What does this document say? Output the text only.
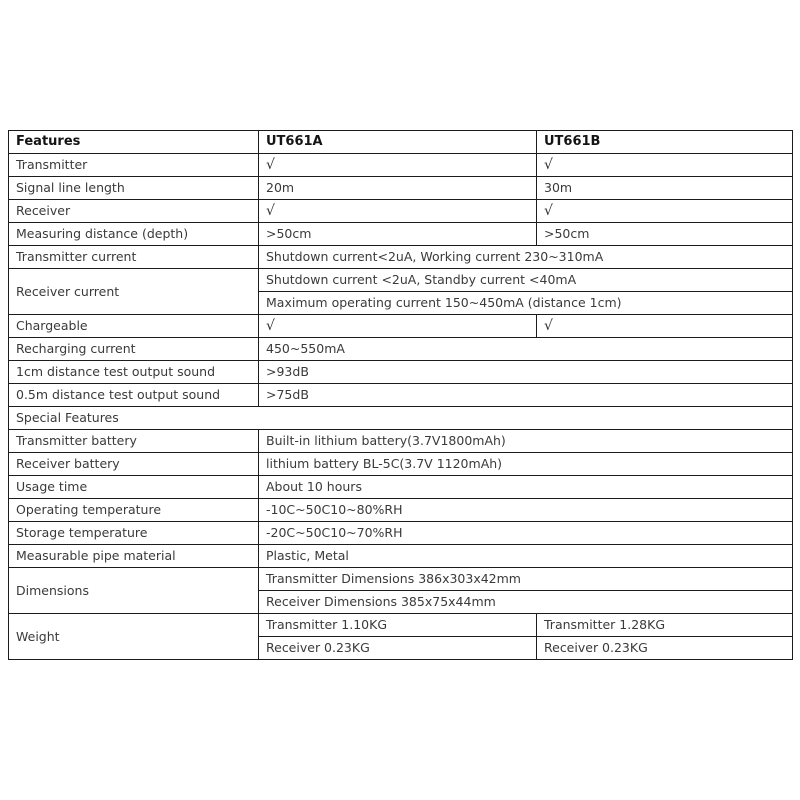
Features	UT661A	UT661B
Transmitter	√	√
Signal line length	20m	30m
Receiver	√	√
Measuring distance (depth)	>50cm	>50cm
Transmitter current	Shutdown current<2uA, Working current 230~310mA	
Receiver current	Shutdown current <2uA, Standby current <40mA	
	Maximum operating current 150~450mA (distance 1cm)	
Chargeable	√	√
Recharging current	450~550mA	
1cm distance test output sound	>93dB	
0.5m distance test output sound	>75dB	
Special Features		
Transmitter battery	Built-in lithium battery(3.7V1800mAh)	
Receiver battery	lithium battery BL-5C(3.7V 1120mAh)	
Usage time	About 10 hours	
Operating temperature	-10C~50C10~80%RH	
Storage temperature	-20C~50C10~70%RH	
Measurable pipe material	Plastic, Metal	
Dimensions	Transmitter Dimensions 386x303x42mm	
	Receiver Dimensions 385x75x44mm	
Weight	Transmitter 1.10KG	Transmitter 1.28KG
	Receiver 0.23KG	Receiver 0.23KG
